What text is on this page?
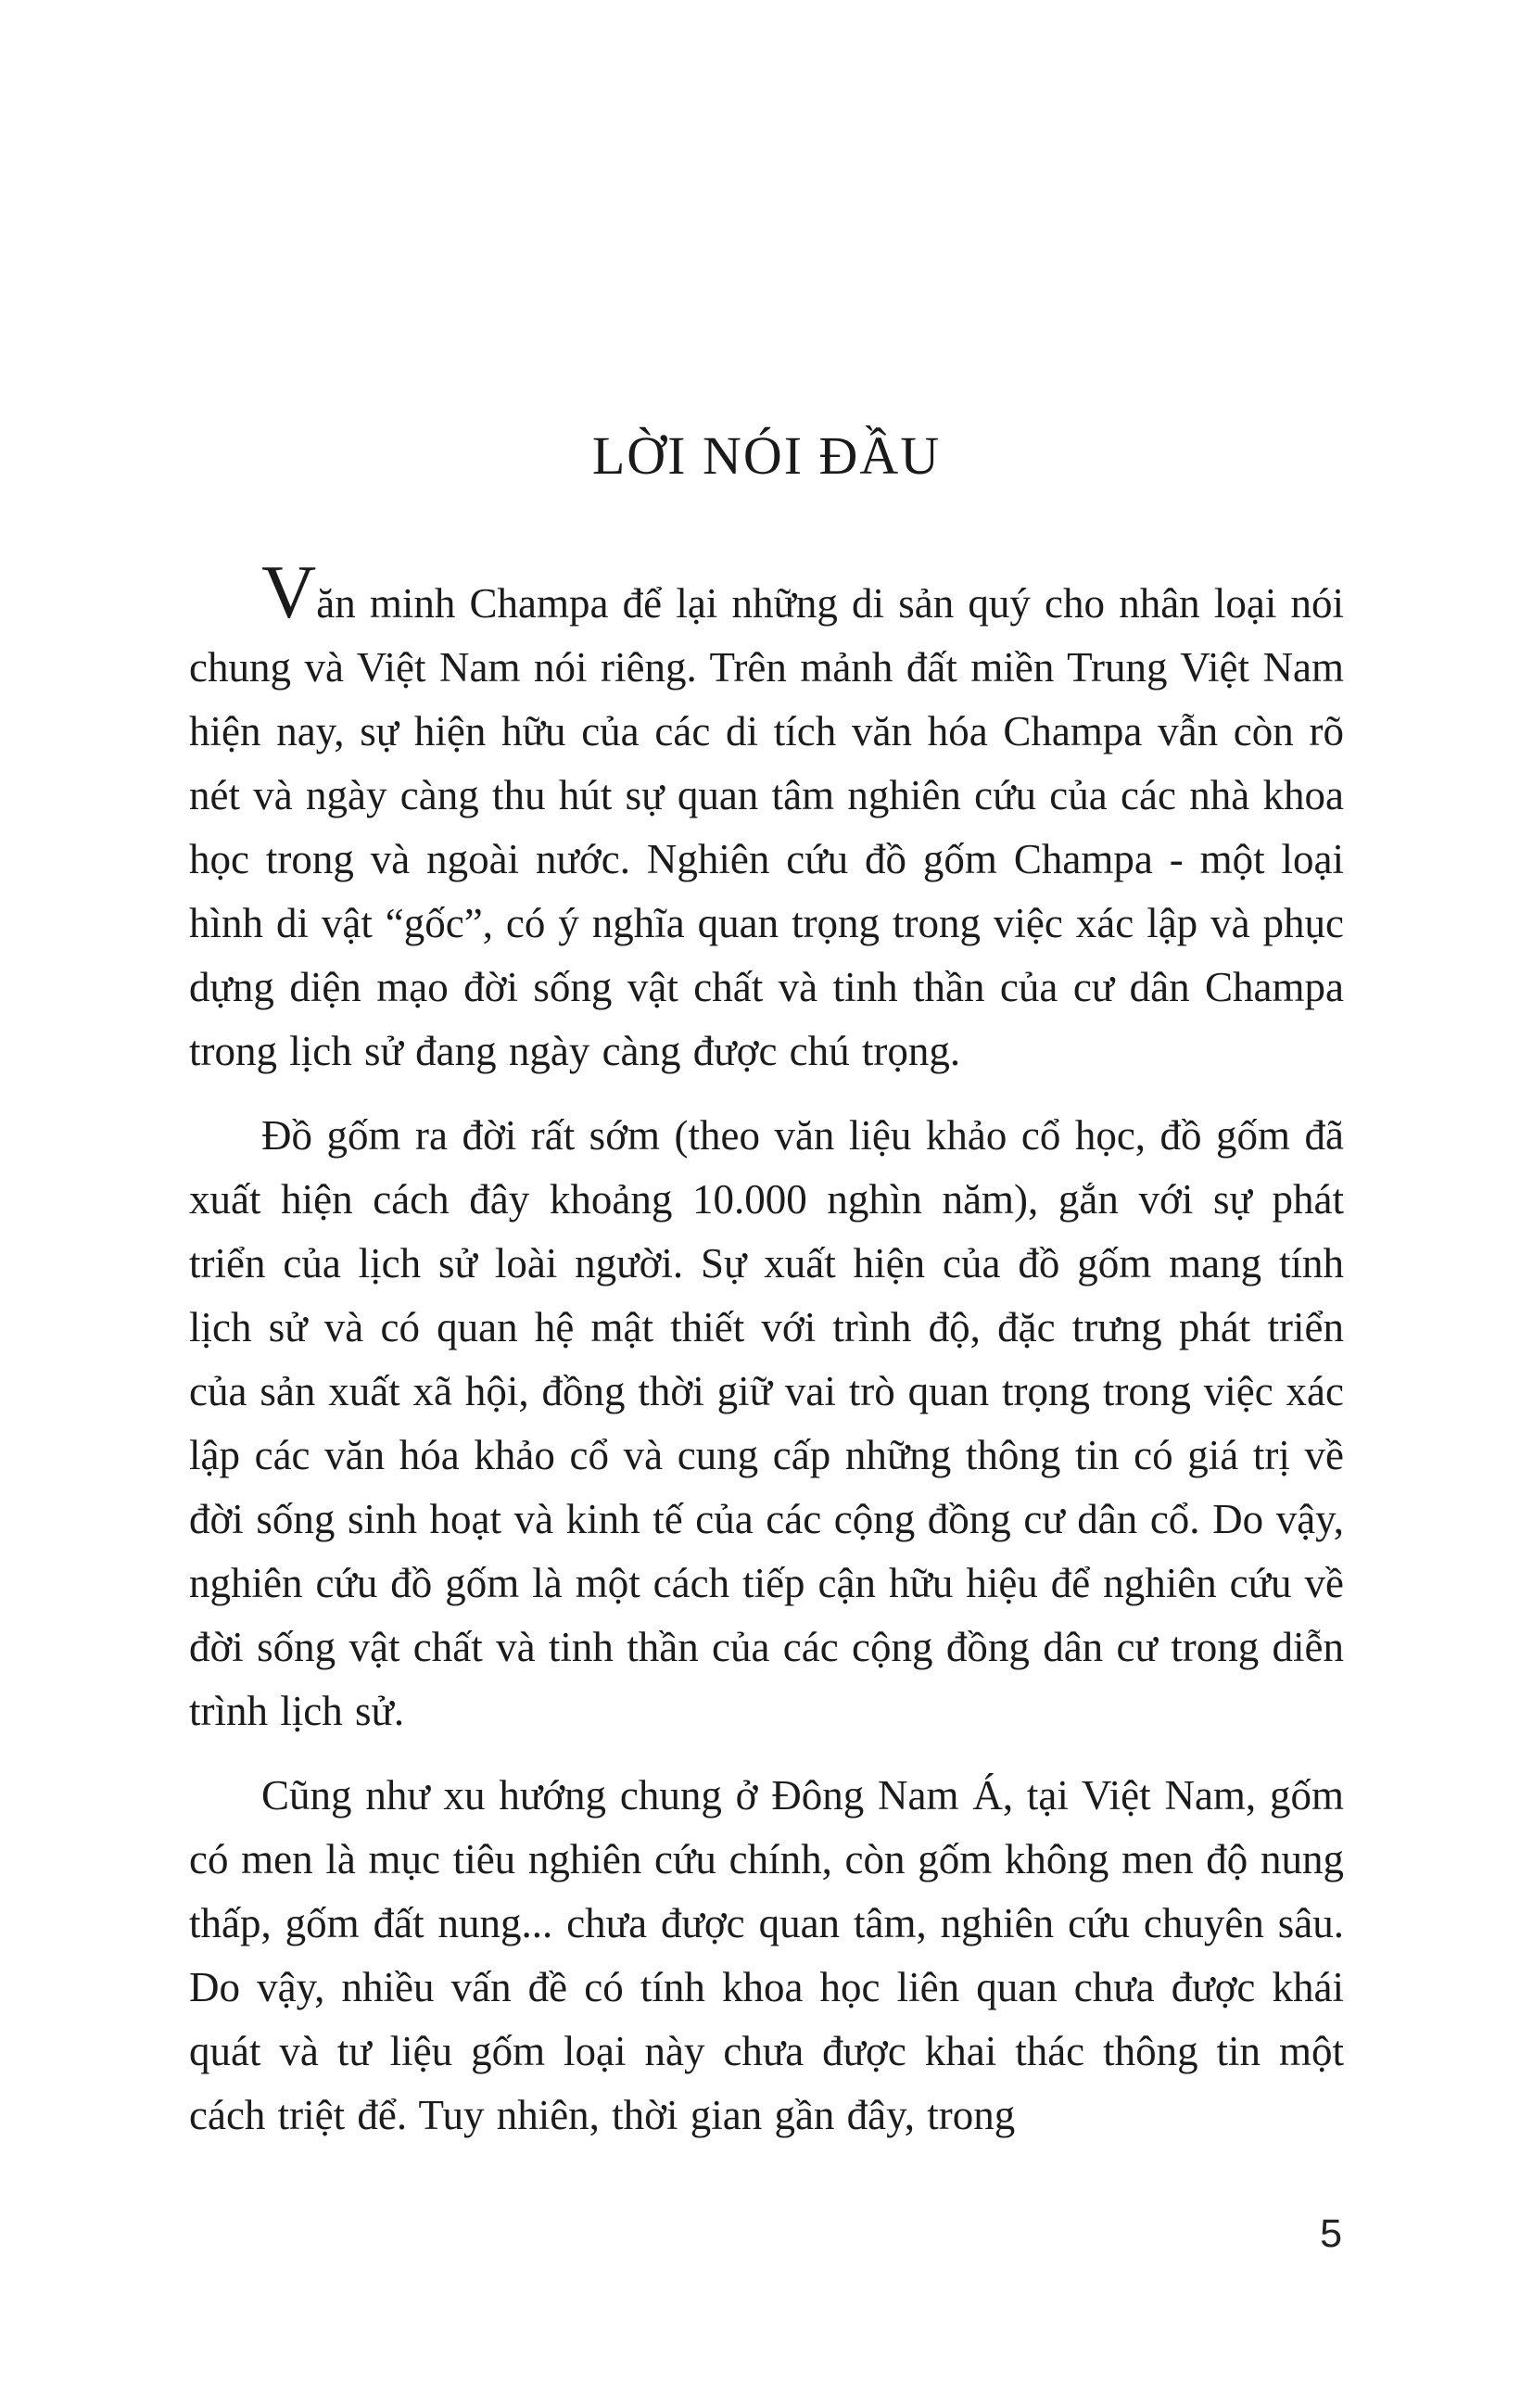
LỜI NÓI ĐẦU

Văn minh Champa để lại những di sản quý cho nhân loại nói chung và Việt Nam nói riêng. Trên mảnh đất miền Trung Việt Nam hiện nay, sự hiện hữu của các di tích văn hóa Champa vẫn còn rõ nét và ngày càng thu hút sự quan tâm nghiên cứu của các nhà khoa học trong và ngoài nước. Nghiên cứu đồ gốm Champa - một loại hình di vật “gốc”, có ý nghĩa quan trọng trong việc xác lập và phục dựng diện mạo đời sống vật chất và tinh thần của cư dân Champa trong lịch sử đang ngày càng được chú trọng.

Đồ gốm ra đời rất sớm (theo văn liệu khảo cổ học, đồ gốm đã xuất hiện cách đây khoảng 10.000 nghìn năm), gắn với sự phát triển của lịch sử loài người. Sự xuất hiện của đồ gốm mang tính lịch sử và có quan hệ mật thiết với trình độ, đặc trưng phát triển của sản xuất xã hội, đồng thời giữ vai trò quan trọng trong việc xác lập các văn hóa khảo cổ và cung cấp những thông tin có giá trị về đời sống sinh hoạt và kinh tế của các cộng đồng cư dân cổ. Do vậy, nghiên cứu đồ gốm là một cách tiếp cận hữu hiệu để nghiên cứu về đời sống vật chất và tinh thần của các cộng đồng dân cư trong diễn trình lịch sử.

Cũng như xu hướng chung ở Đông Nam Á, tại Việt Nam, gốm có men là mục tiêu nghiên cứu chính, còn gốm không men độ nung thấp, gốm đất nung... chưa được quan tâm, nghiên cứu chuyên sâu. Do vậy, nhiều vấn đề có tính khoa học liên quan chưa được khái quát và tư liệu gốm loại này chưa được khai thác thông tin một cách triệt để. Tuy nhiên, thời gian gần đây, trong

5
